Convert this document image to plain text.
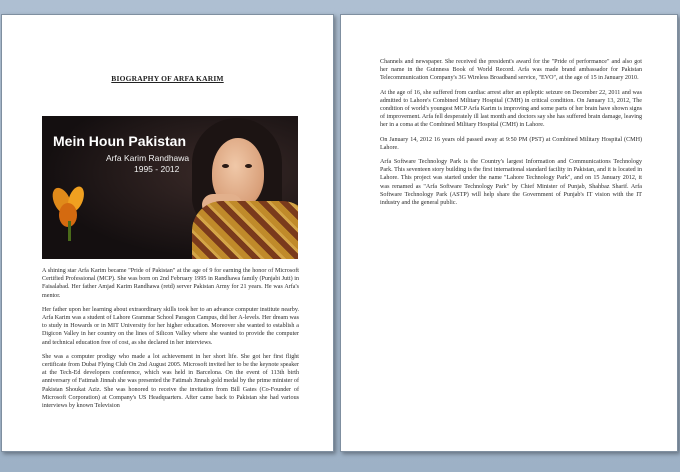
BIOGRAPHY OF ARFA KARIM
Mein Houn Pakistan
Arfa Karim Randhawa
1995 - 2012

A shining star Arfa Karim became "Pride of Pakistan" at the age of 9 for earning the honor of Microsoft Certified Professional (MCP). She was born on 2nd February 1995 in Randhawa family (Punjabi Jutt) in Faisalabad. Her father Amjad Karim Randhawa (retd) server Pakistan Army for 21 years. He was Arfa's mentor.

Her father upon her learning about extraordinary skills took her to an advance computer institute nearby. Arfa Karim was a student of Lahore Grammar School Paragon Campus, did her A-levels. Her dream was to study in Howards or in MIT University for her higher education. Moreover she wanted to establish a Digicon Valley in her country on the lines of Silicon Valley where she wanted to provide the computer and technical education free of cost, as she declared in her interviews.

She was a computer prodigy who made a lot achievement in her short life. She got her first flight certificate from Dubai Flying Club On 2nd August 2005. Microsoft invited her to be the keynote speaker at the Tech-Ed developers conference, which was held in Barcelona. On the event of 113th birth anniversary of Fatimah Jinnah she was presented the Fatimah Jinnah gold medal by the prime minister of Pakistan Shoukat Aziz. She was honored to receive the invitation from Bill Gates (Co-Founder of Microsoft Corporation) at Company's US Headquarters. After came back to Pakistan she had various interviews by known Television

Channels and newspaper. She received the president's award for the "Pride of performance" and also got her name in the Guinness Book of World Record. Arfa was made brand ambassador for Pakistan Telecommunication Company's 3G Wireless Broadband service, "EVO", at the age of 15 in January 2010.

At the age of 16, she suffered from cardiac arrest after an epileptic seizure on December 22, 2011 and was admitted to Lahore's Combined Military Hospital (CMH) in critical condition. On January 13, 2012, The condition of world's youngest MCP Arfa Karim is improving and some parts of her brain have shown signs of improvement. Arfa fell desperately ill last month and doctors say she has suffered brain damage, leaving her in a coma at the Combined Military Hospital (CMH) in Lahore.

On January 14, 2012 16 years old passed away at 9:50 PM (PST) at Combined Military Hospital (CMH) Lahore.

Arfa Software Technology Park is the Country's largest Information and Communications Technology Park. This seventeen story building is the first international standard facility in Pakistan, and it is located in Lahore. This project was started under the name "Lahore Technology Park", and on 15 January 2012, it was renamed as "Arfa Software Technology Park" by Chief Minister of Punjab, Shahbaz Sharif. Arfa Software Technology Park (ASTP) will help share the Government of Punjab's IT vision with the IT industry and the general public.
